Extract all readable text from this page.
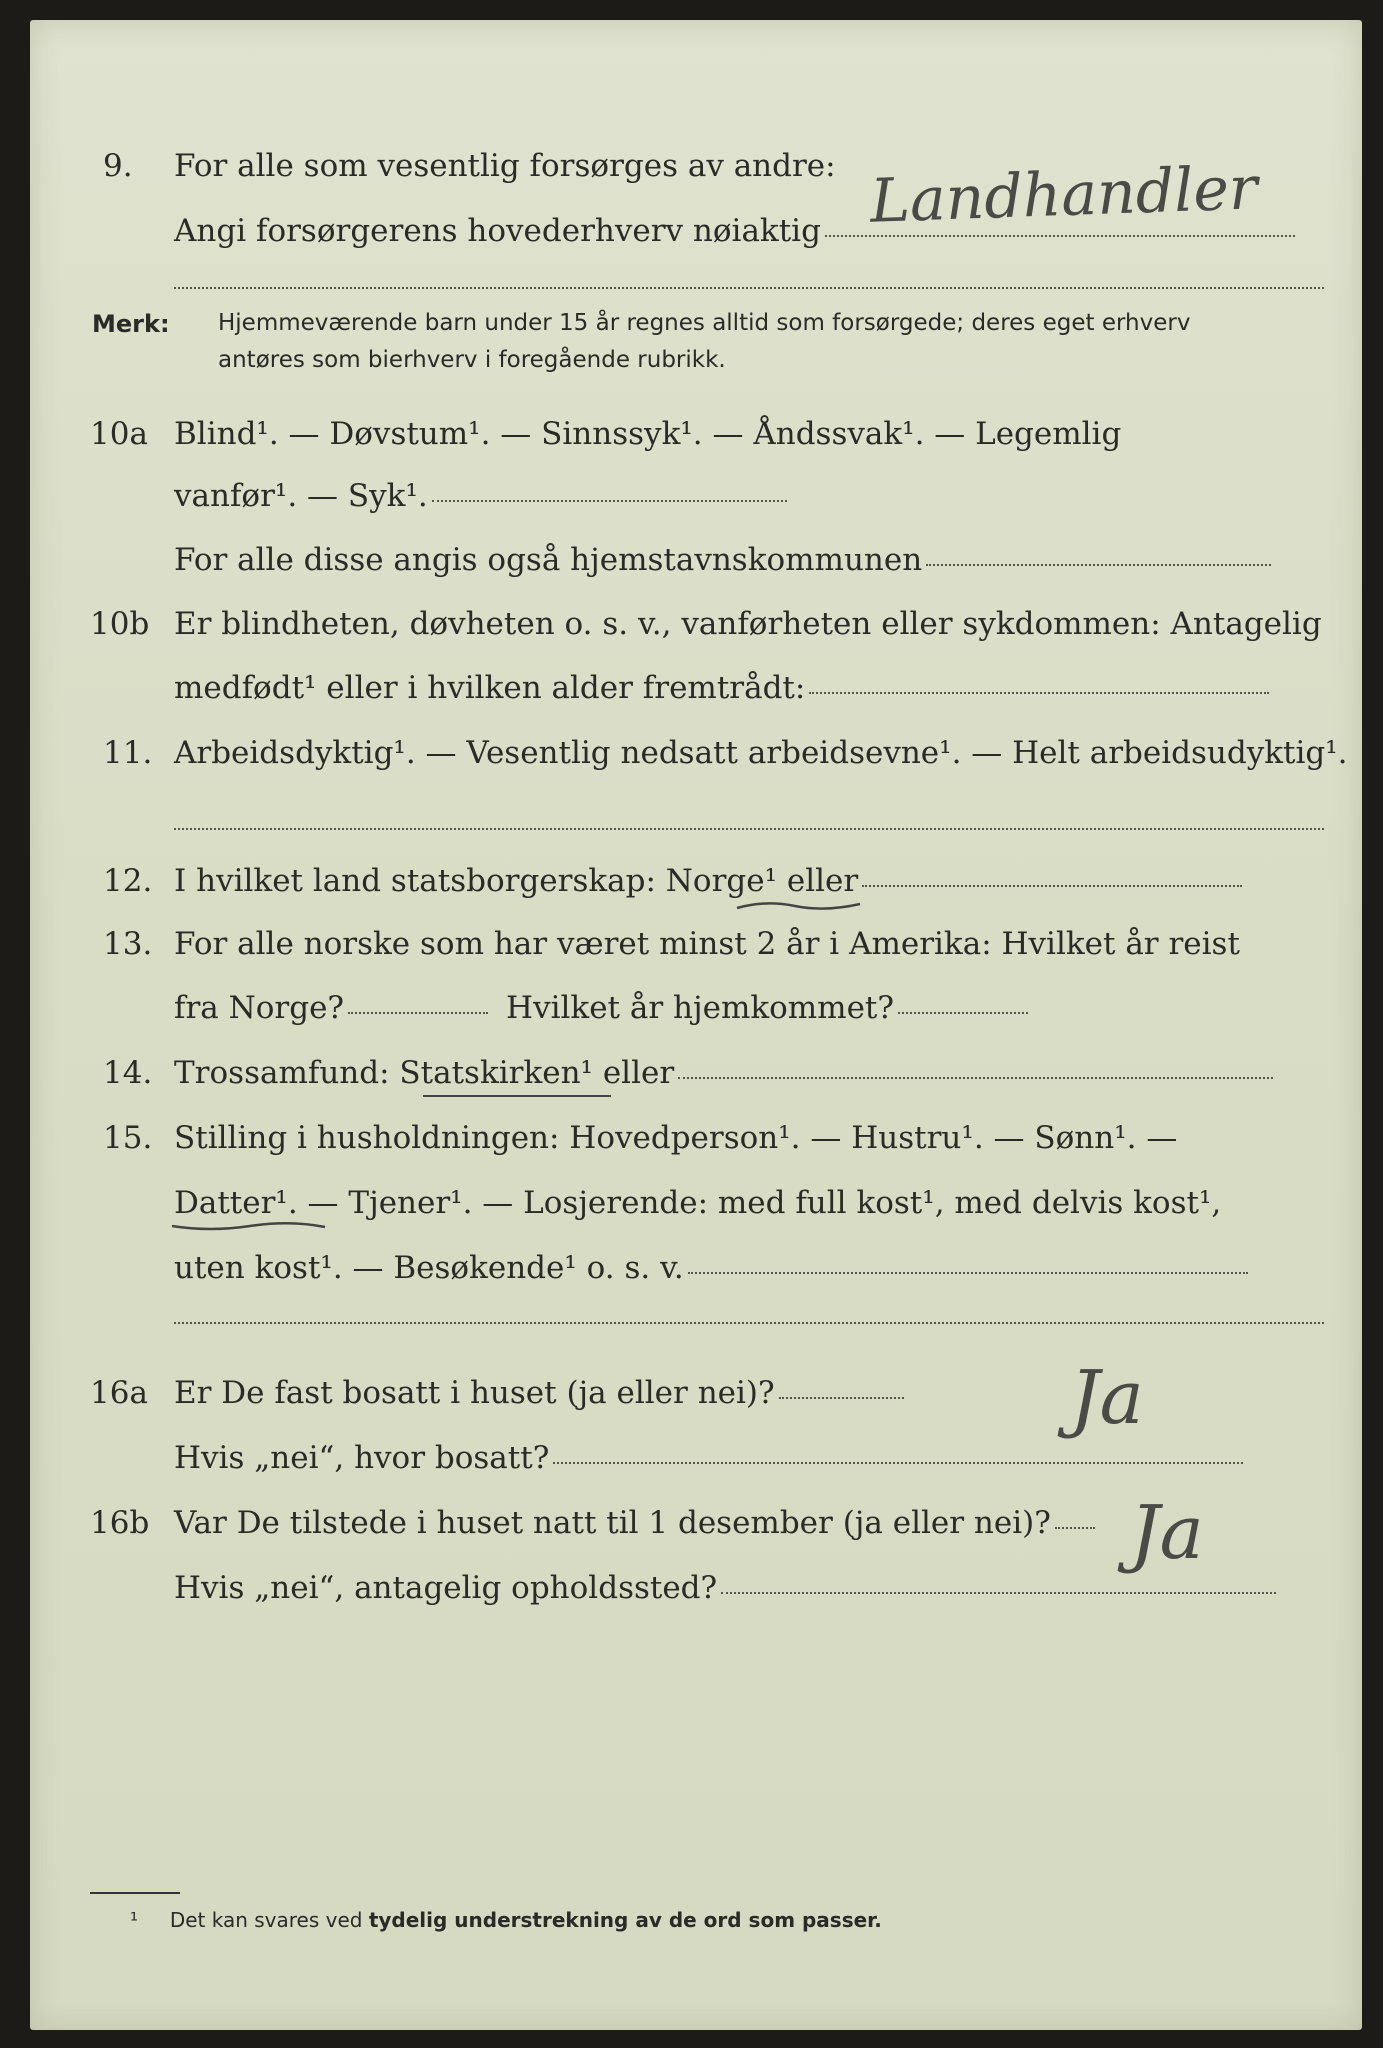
9. For alle som vesentlig forsørges av andre:
Angi forsørgerens hovederhverv nøiaktig Landhandler
Merk: Hjemmeværende barn under 15 år regnes alltid som forsørgede; deres eget erhverv
antøres som bierhverv i foregående rubrikk.
10a Blind¹. — Døvstum¹. — Sinnssyk¹. — Åndssvak¹. — Legemlig
vanfør¹. — Syk¹.
For alle disse angis også hjemstavnskommunen
10b Er blindheten, døvheten o. s. v., vanførheten eller sykdommen: Antagelig
medfødt¹ eller i hvilken alder fremtrådt:
11. Arbeidsdyktig¹. — Vesentlig nedsatt arbeidsevne¹. — Helt arbeidsudyktig¹.
12. I hvilket land statsborgerskap: Norge¹ eller
13. For alle norske som har været minst 2 år i Amerika: Hvilket år reist
fra Norge?	Hvilket år hjemkommet?
14. Trossamfund: Statskirken¹ eller
15. Stilling i husholdningen: Hovedperson¹. — Hustru¹. — Sønn¹. —
Datter¹. — Tjener¹. — Losjerende: med full kost¹, med delvis kost¹,
uten kost¹. — Besøkende¹ o. s. v.
16a Er De fast bosatt i huset (ja eller nei)?
Hvis „nei“, hvor bosatt?
Ja
16b Var De tilstede i huset natt til 1 desember (ja eller nei)?
Hvis „nei“, antagelig opholdssted?
Ja
¹ Det kan svares ved tydelig understrekning av de ord som passer.
